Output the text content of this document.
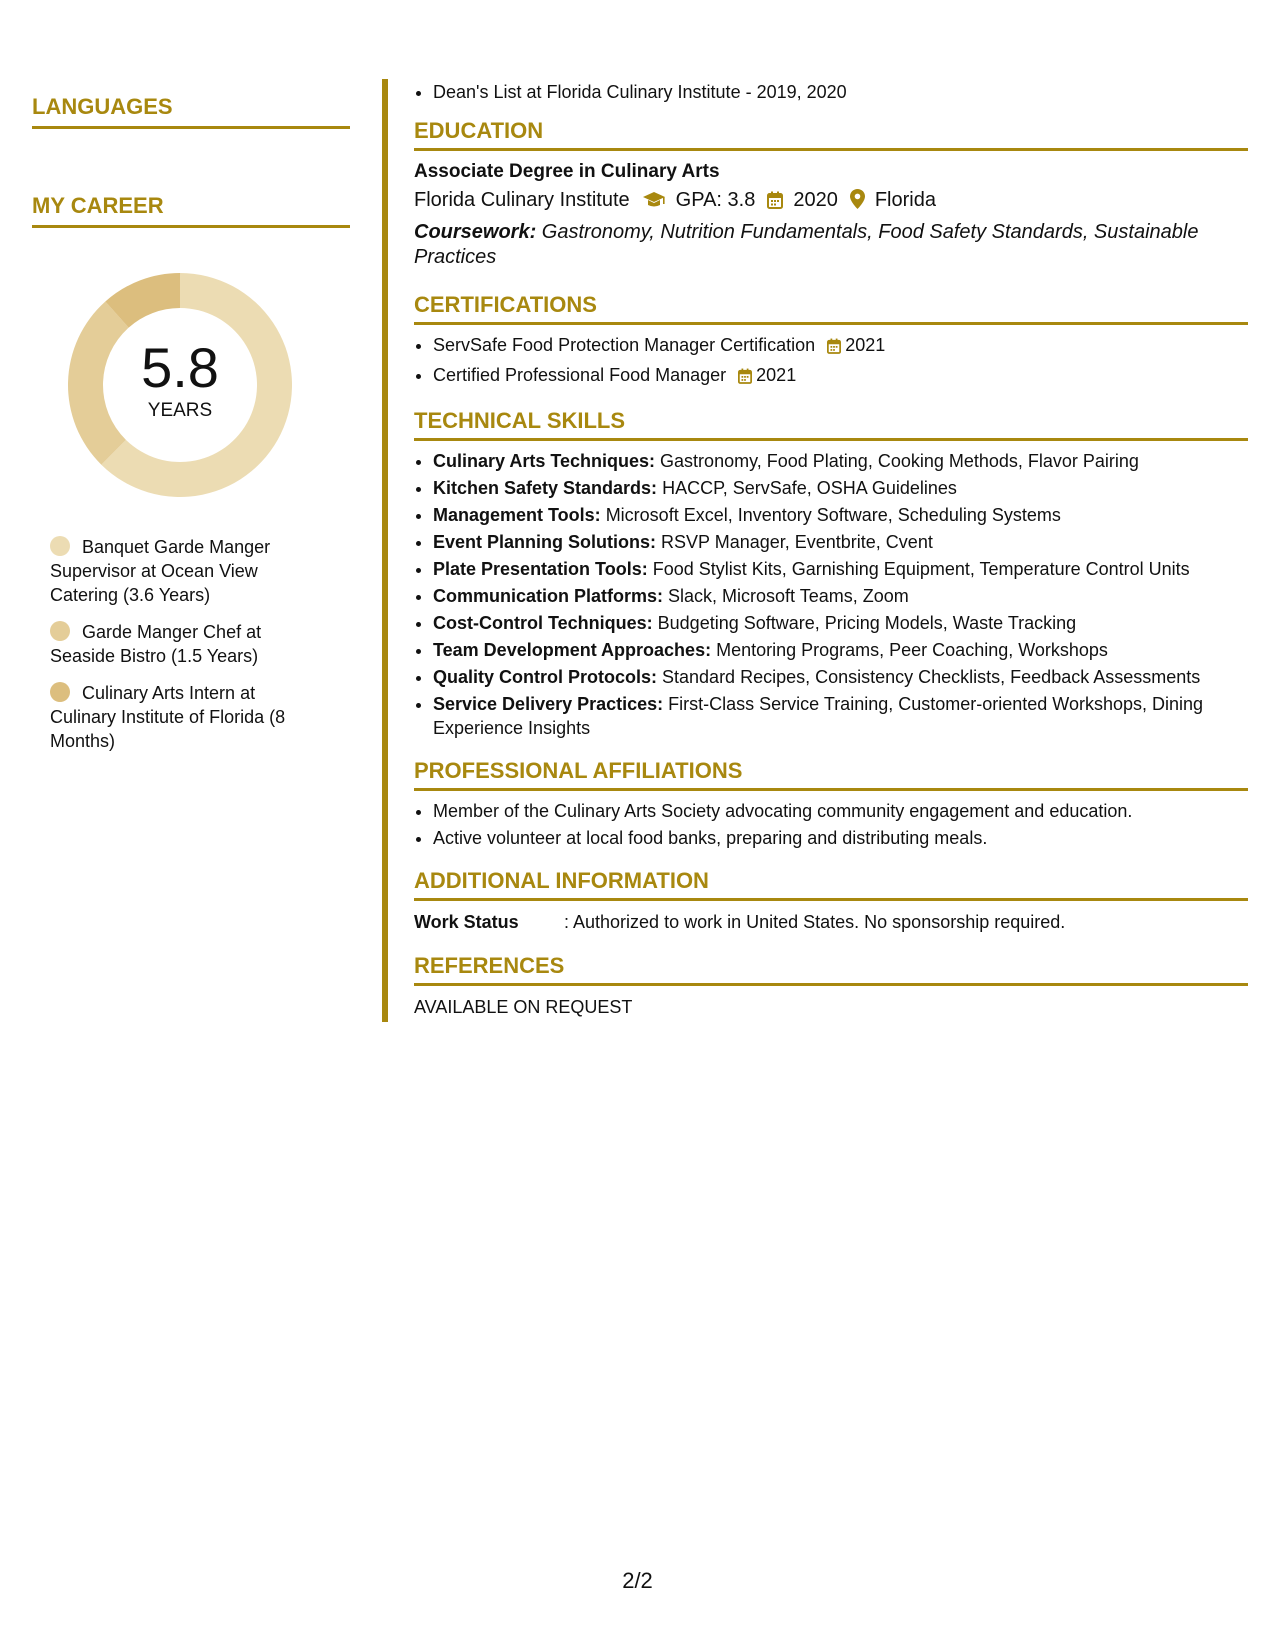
LANGUAGES
MY CAREER
5.8
YEARS
Banquet Garde Manger Supervisor at Ocean View Catering (3.6 Years)
Garde Manger Chef at Seaside Bistro (1.5 Years)
Culinary Arts Intern at Culinary Institute of Florida (8 Months)
• Dean's List at Florida Culinary Institute - 2019, 2020
EDUCATION
Associate Degree in Culinary Arts
Florida Culinary Institute GPA: 3.8 2020 Florida
Coursework: Gastronomy, Nutrition Fundamentals, Food Safety Standards, Sustainable Practices
CERTIFICATIONS
• ServSafe Food Protection Manager Certification 2021
• Certified Professional Food Manager 2021
TECHNICAL SKILLS
• Culinary Arts Techniques: Gastronomy, Food Plating, Cooking Methods, Flavor Pairing
• Kitchen Safety Standards: HACCP, ServSafe, OSHA Guidelines
• Management Tools: Microsoft Excel, Inventory Software, Scheduling Systems
• Event Planning Solutions: RSVP Manager, Eventbrite, Cvent
• Plate Presentation Tools: Food Stylist Kits, Garnishing Equipment, Temperature Control Units
• Communication Platforms: Slack, Microsoft Teams, Zoom
• Cost-Control Techniques: Budgeting Software, Pricing Models, Waste Tracking
• Team Development Approaches: Mentoring Programs, Peer Coaching, Workshops
• Quality Control Protocols: Standard Recipes, Consistency Checklists, Feedback Assessments
• Service Delivery Practices: First-Class Service Training, Customer-oriented Workshops, Dining Experience Insights
PROFESSIONAL AFFILIATIONS
• Member of the Culinary Arts Society advocating community engagement and education.
• Active volunteer at local food banks, preparing and distributing meals.
ADDITIONAL INFORMATION
Work Status	: Authorized to work in United States. No sponsorship required.
REFERENCES
AVAILABLE ON REQUEST
2/2
